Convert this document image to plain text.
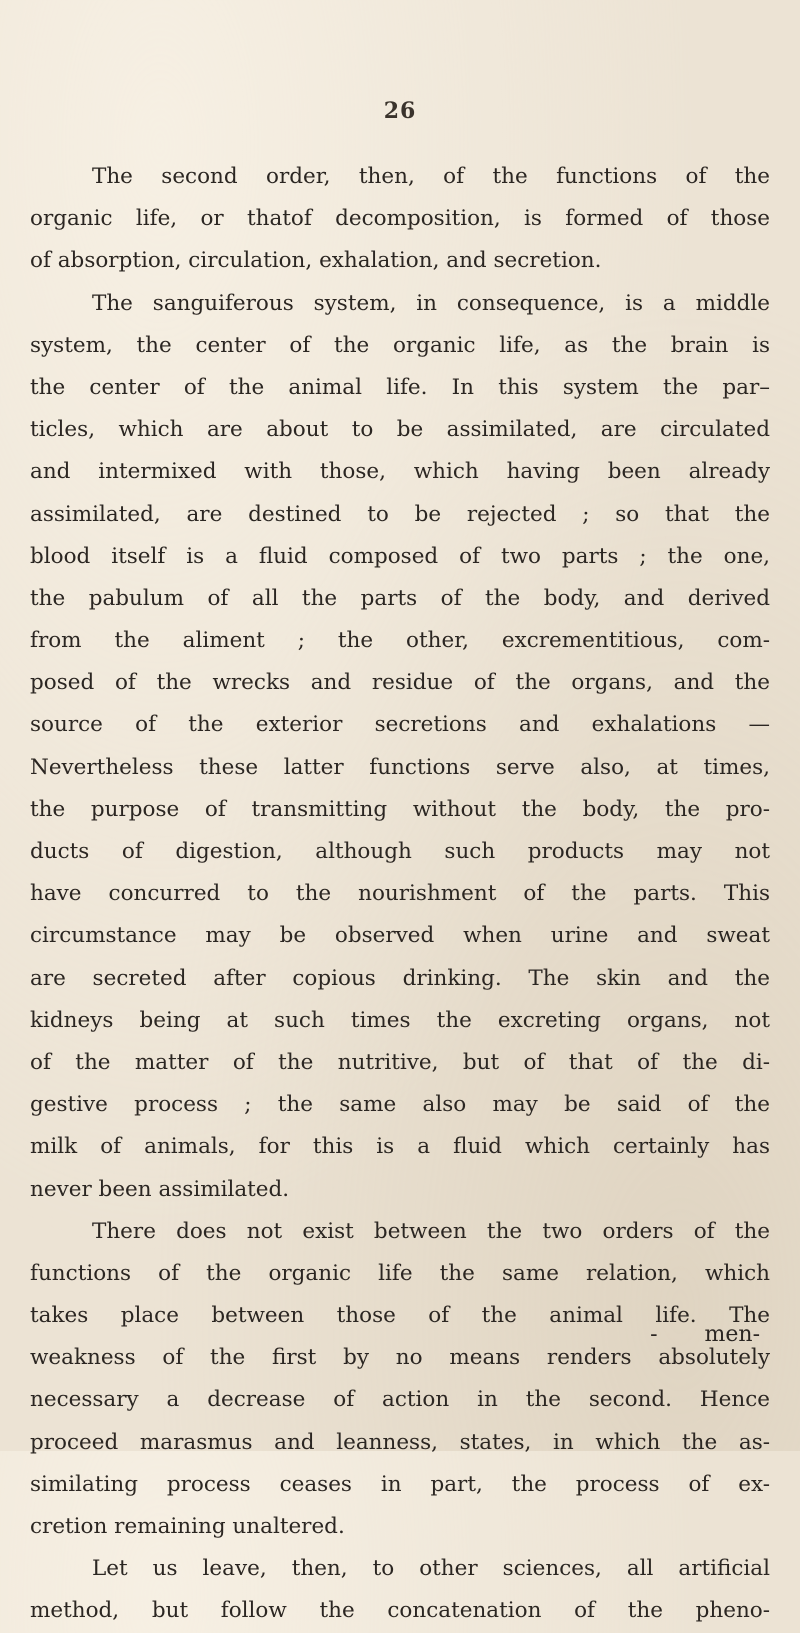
26
The second order, then, of the functions of the
organic life, or thatof decomposition, is formed of those
of absorption, circulation, exhalation, and secretion.
The sanguiferous system, in consequence, is a middle
system, the center of the organic life, as the brain is
the center of the animal life. In this system the par–
ticles, which are about to be assimilated, are circulated
and intermixed with those, which having been already
assimilated, are destined to be rejected ; so that the
blood itself is a fluid composed of two parts ; the one,
the pabulum of all the parts of the body, and derived
from the aliment ; the other, excrementitious, com-
posed of the wrecks and residue of the organs, and the
source of the exterior secretions and exhalations —
Nevertheless these latter functions serve also, at times,
the purpose of transmitting without the body, the pro-
ducts of digestion, although such products may not
have concurred to the nourishment of the parts. This
circumstance may be observed when urine and sweat
are secreted after copious drinking. The skin and the
kidneys being at such times the excreting organs, not
of the matter of the nutritive, but of that of the di-
gestive process ; the same also may be said of the
milk of animals, for this is a fluid which certainly has
never been assimilated.
There does not exist between the two orders of the
functions of the organic life the same relation, which
takes place between those of the animal life. The
weakness of the first by no means renders absolutely
necessary a decrease of action in the second. Hence
proceed marasmus and leanness, states, in which the as-
similating process ceases in part, the process of ex-
cretion remaining unaltered.
Let us leave, then, to other sciences, all artificial
method, but follow the concatenation of the pheno-
- men-
